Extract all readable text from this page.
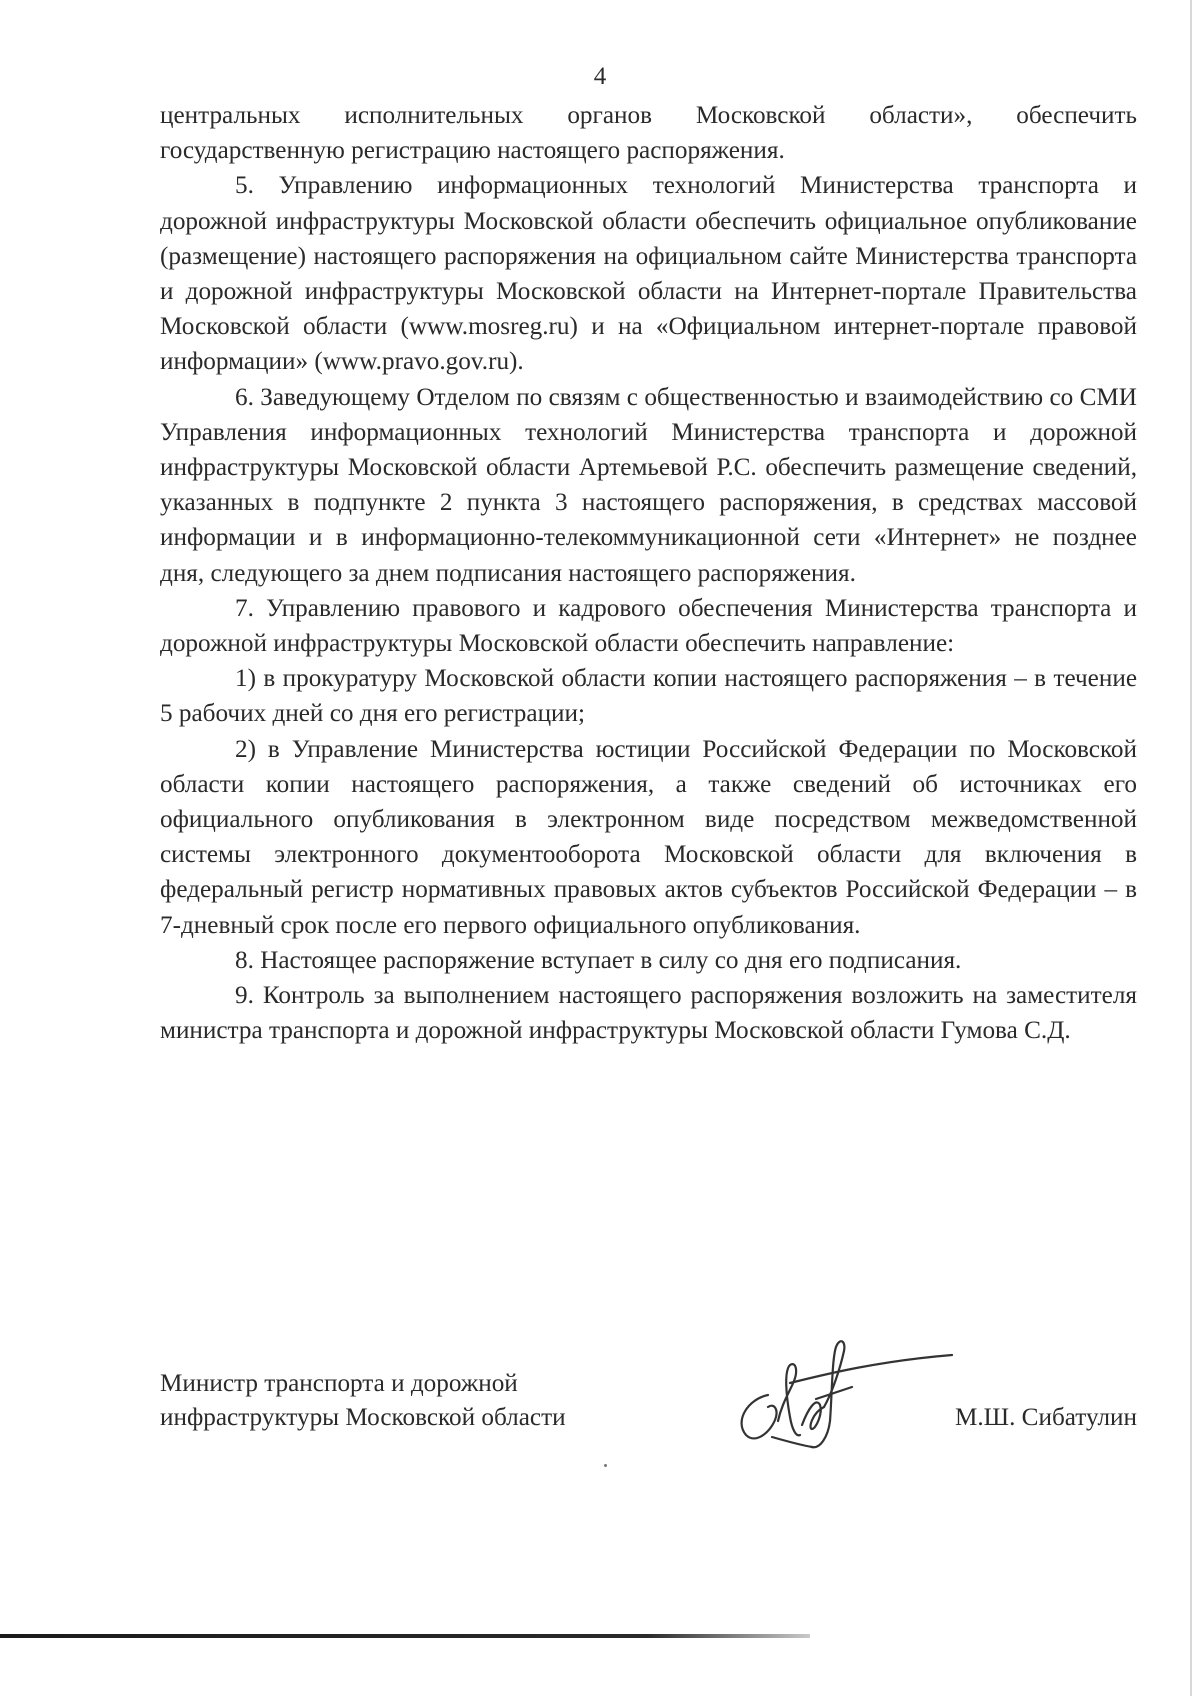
4

центральных исполнительных органов Московской области», обеспечить государственную регистрацию настоящего распоряжения.

5. Управлению информационных технологий Министерства транспорта и дорожной инфраструктуры Московской области обеспечить официальное опубликование (размещение) настоящего распоряжения на официальном сайте Министерства транспорта и дорожной инфраструктуры Московской области на Интернет-портале Правительства Московской области (www.mosreg.ru) и на «Официальном интернет-портале правовой информации» (www.pravo.gov.ru).

6. Заведующему Отделом по связям с общественностью и взаимодействию со СМИ Управления информационных технологий Министерства транспорта и дорожной инфраструктуры Московской области Артемьевой Р.С. обеспечить размещение сведений, указанных в подпункте 2 пункта 3 настоящего распоряжения, в средствах массовой информации и в информационно-телекоммуникационной сети «Интернет» не позднее дня, следующего за днем подписания настоящего распоряжения.

7. Управлению правового и кадрового обеспечения Министерства транспорта и дорожной инфраструктуры Московской области обеспечить направление:

1) в прокуратуру Московской области копии настоящего распоряжения – в течение 5 рабочих дней со дня его регистрации;

2) в Управление Министерства юстиции Российской Федерации по Московской области копии настоящего распоряжения, а также сведений об источниках его официального опубликования в электронном виде посредством межведомственной системы электронного документооборота Московской области для включения в федеральный регистр нормативных правовых актов субъектов Российской Федерации – в 7-дневный срок после его первого официального опубликования.

8. Настоящее распоряжение вступает в силу со дня его подписания.

9. Контроль за выполнением настоящего распоряжения возложить на заместителя министра транспорта и дорожной инфраструктуры Московской области Гумова С.Д.

Министр транспорта и дорожной
инфраструктуры Московской области	М.Ш. Сибатулин
